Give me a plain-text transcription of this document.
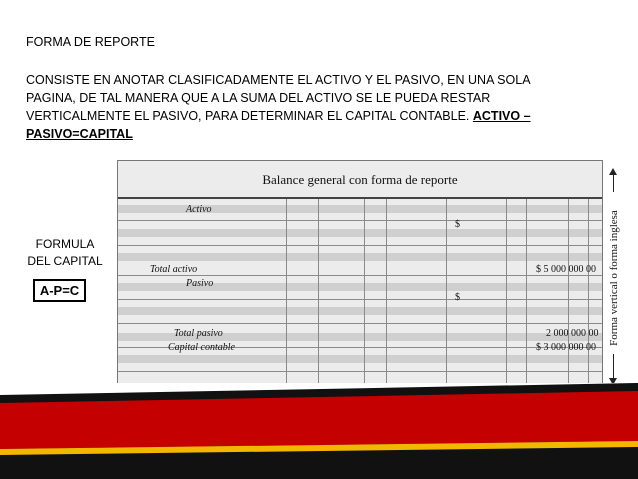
FORMA DE REPORTE
CONSISTE EN ANOTAR CLASIFICADAMENTE EL ACTIVO Y EL PASIVO, EN UNA SOLA PAGINA, DE TAL MANERA QUE A LA SUMA DEL ACTIVO SE LE PUEDA RESTAR VERTICALMENTE EL PASIVO, PARA DETERMINAR EL CAPITAL CONTABLE. ACTIVO – PASIVO=CAPITAL
FORMULA
DEL CAPITAL
A-P=C
Balance general con forma de reporte
Activo
$
Total activo	$ 5 000 000 00
Pasivo
$
Total pasivo	2 000 000 00
Capital contable	$ 3 000 000 00
Forma vertical o forma inglesa
